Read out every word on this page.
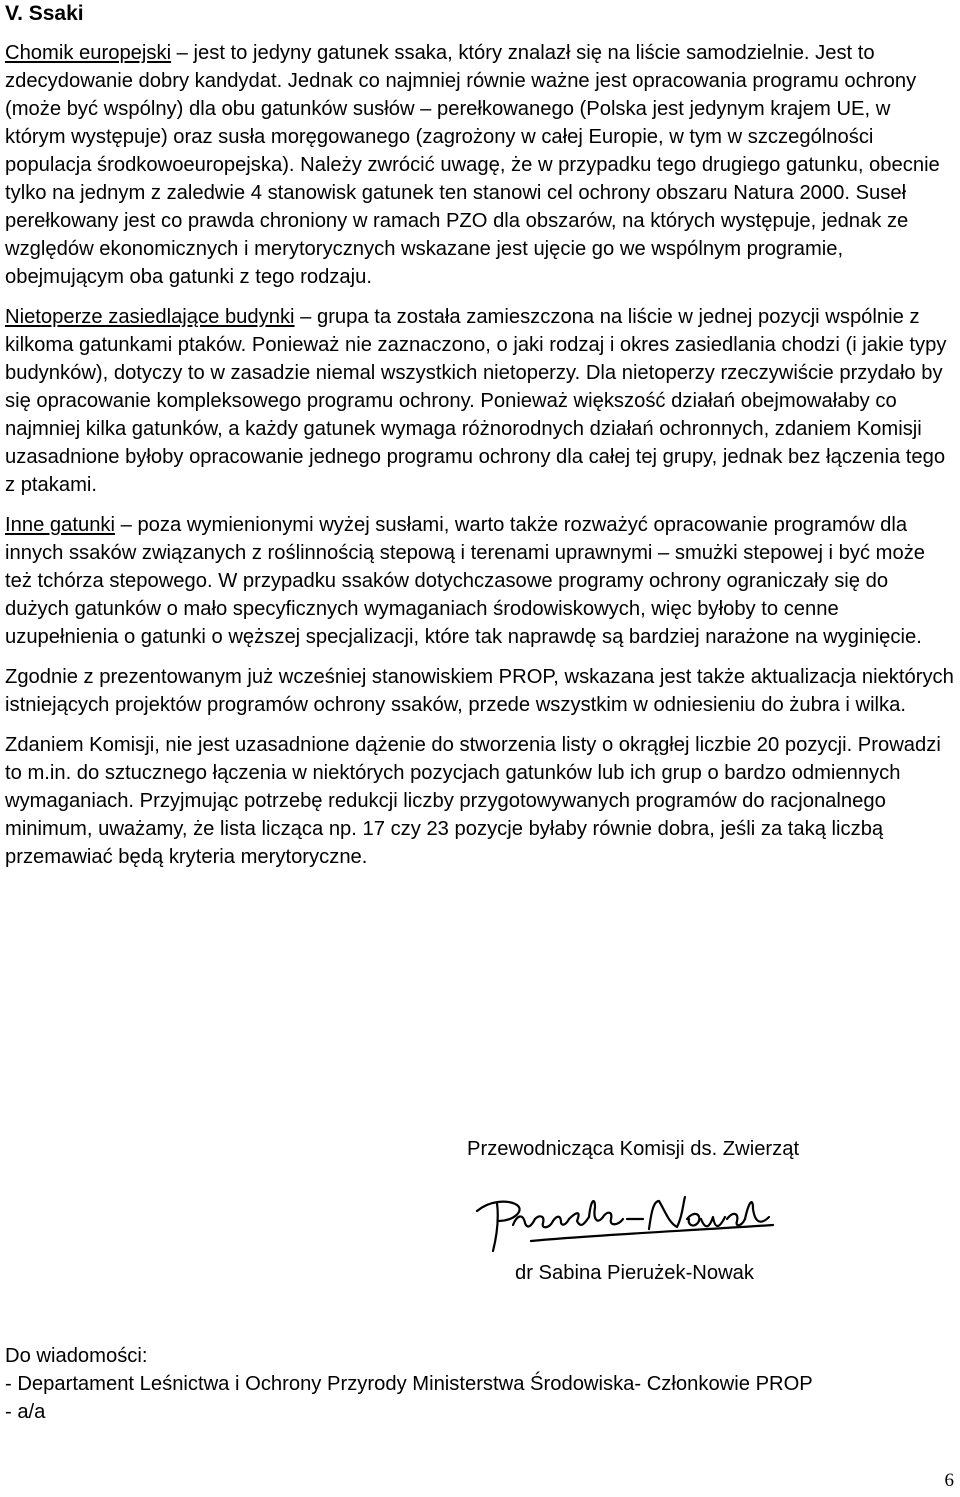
V. Ssaki

Chomik europejski – jest to jedyny gatunek ssaka, który znalazł się na liście samodzielnie. Jest to zdecydowanie dobry kandydat. Jednak co najmniej równie ważne jest opracowania programu ochrony (może być wspólny) dla obu gatunków susłów – perełkowanego (Polska jest jedynym krajem UE, w którym występuje) oraz susła moręgowanego (zagrożony w całej Europie, w tym w szczególności populacja środkowoeuropejska). Należy zwrócić uwagę, że w przypadku tego drugiego gatunku, obecnie tylko na jednym z zaledwie 4 stanowisk gatunek ten stanowi cel ochrony obszaru Natura 2000. Suseł perełkowany jest co prawda chroniony w ramach PZO dla obszarów, na których występuje, jednak ze względów ekonomicznych i merytorycznych wskazane jest ujęcie go we wspólnym programie, obejmującym oba gatunki z tego rodzaju.

Nietoperze zasiedlające budynki – grupa ta została zamieszczona na liście w jednej pozycji wspólnie z kilkoma gatunkami ptaków. Ponieważ nie zaznaczono, o jaki rodzaj i okres zasiedlania chodzi (i jakie typy budynków), dotyczy to w zasadzie niemal wszystkich nietoperzy. Dla nietoperzy rzeczywiście przydało by się opracowanie kompleksowego programu ochrony. Ponieważ większość działań obejmowałaby co najmniej kilka gatunków, a każdy gatunek wymaga różnorodnych działań ochronnych, zdaniem Komisji uzasadnione byłoby opracowanie jednego programu ochrony dla całej tej grupy, jednak bez łączenia tego z ptakami.

Inne gatunki – poza wymienionymi wyżej susłami, warto także rozważyć opracowanie programów dla innych ssaków związanych z roślinnością stepową i terenami uprawnymi – smużki stepowej i być może też tchórza stepowego. W przypadku ssaków dotychczasowe programy ochrony ograniczały się do dużych gatunków o mało specyficznych wymaganiach środowiskowych, więc byłoby to cenne uzupełnienia o gatunki o węższej specjalizacji, które tak naprawdę są bardziej narażone na wyginięcie.

Zgodnie z prezentowanym już wcześniej stanowiskiem PROP, wskazana jest także aktualizacja niektórych istniejących projektów programów ochrony ssaków, przede wszystkim w odniesieniu do żubra i wilka.

Zdaniem Komisji, nie jest uzasadnione dążenie do stworzenia listy o okrągłej liczbie 20 pozycji. Prowadzi to m.in. do sztucznego łączenia w niektórych pozycjach gatunków lub ich grup o bardzo odmiennych wymaganiach. Przyjmując potrzebę redukcji liczby przygotowywanych programów do racjonalnego minimum, uważamy, że lista licząca np. 17 czy 23 pozycje byłaby równie dobra, jeśli za taką liczbą przemawiać będą kryteria merytoryczne.

Przewodnicząca Komisji ds. Zwierząt
dr Sabina Pierużek-Nowak
Do wiadomości:
- Departament Leśnictwa i Ochrony Przyrody Ministerstwa Środowiska- Członkowie PROP
- a/a
6
